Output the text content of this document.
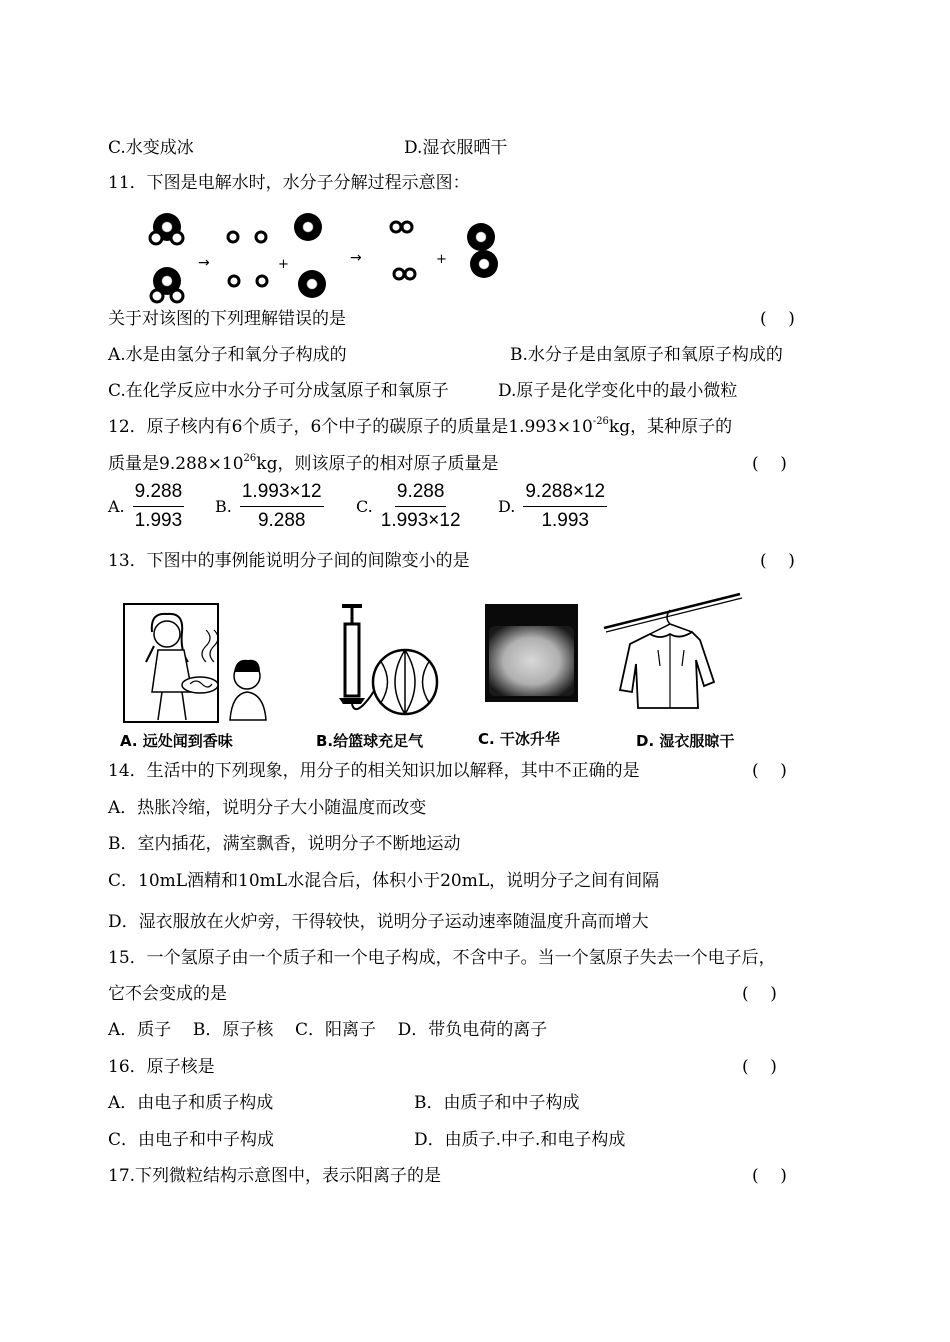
C.水变成冰	D.湿衣服晒干
11．下图是电解水时，水分子分解过程示意图：
→	+	→	+
关于对该图的下列理解错误的是	(    )
A.水是由氢分子和氧分子构成的	B.水分子是由氢原子和氧原子构成的
C.在化学反应中水分子可分成氢原子和氧原子	D.原子是化学变化中的最小微粒
12．原子核内有6个质子，6个中子的碳原子的质量是$1.993\times 10^{-26}kg$，某种原子的
质量是$9.288\times 10^{26}kg$，则该原子的相对原子质量是	(    )
A. $\frac{9.288}{1.993} B$. $\frac{1.993\times 12}{9.288} C$. $\frac{9.288}{1.993\times 12} D$. $\frac{9.288\times 12}{1.993}$
13．下图中的事例能说明分子间的间隙变小的是	(    )
A. 远处闻到香味	B.给篮球充足气	C. 干冰升华	D. 湿衣服晾干
14．生活中的下列现象，用分子的相关知识加以解释，其中不正确的是	(    )
A．热胀冷缩，说明分子大小随温度而改变
B．室内插花，满室飘香，说明分子不断地运动
C．10mL酒精和10mL水混合后，体积小于20mL，说明分子之间有间隔
D．湿衣服放在火炉旁，干得较快，说明分子运动速率随温度升高而增大
15．一个氢原子由一个质子和一个电子构成，不含中子。当一个氢原子失去一个电子后，
它不会变成的是	(    )
A．质子    B．原子核    C．阳离子    D．带负电荷的离子
16．原子核是	(    )
A．由电子和质子构成	B．由质子和中子构成
C．由电子和中子构成	D．由质子.中子.和电子构成
17.下列微粒结构示意图中，表示阳离子的是	(    )
